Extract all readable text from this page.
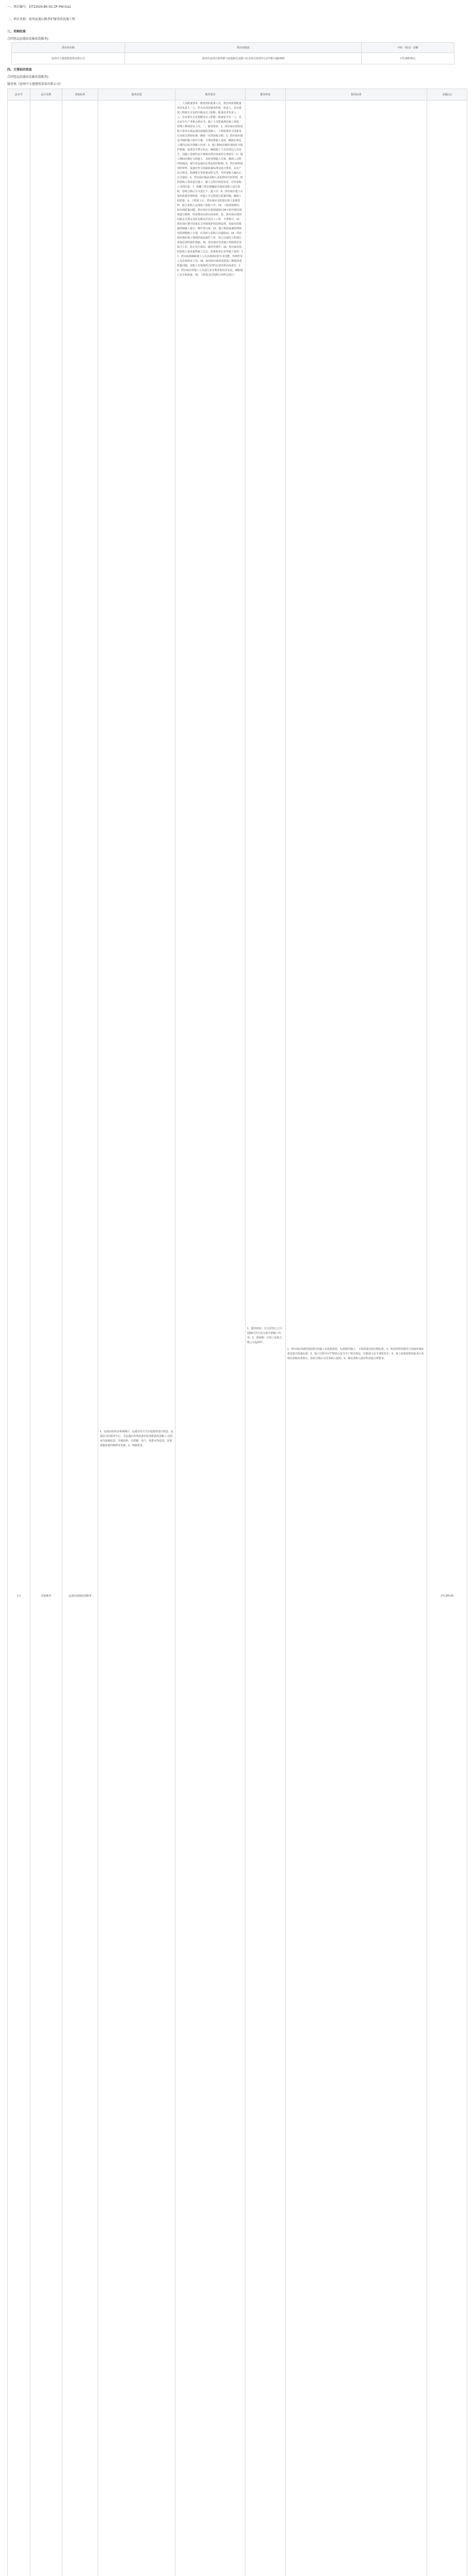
一、项目编号：招TZ2024-BK-SC-ZF-PM-0111
二、项目名称：沧州运通公路养护服务段设施工程
三、采购结果
合同包1(运通站设施改造服务)：
供应商名称	供应商地址	中标（成交）金额
沧州中大建建筑装饰有限公司	沧州市运河区新华路与前进路交叉路口东北角百花园中心2号楼大厦8-803	171,000.00元
四、主要标的信息
合同包1(运通站设施改造服务)：
服务类（沧州中大建建筑装饰有限公司）
品目号	品目名称	采购标的	服务范围	服务要求	服务时间	服务标准	金额(元)
1-1	其他服务	运通站设施改造服务	1、运通站给排水系统统计，运通站对大生活设施等进行改造，运通站为民服务中心，含运通站各类设备安装及配套改造施工,包括室内设施改造、外墙涂料，含供暖、电气、给排水等改造，各类设施设备的维修及更换；2、纳税要求。	一、人员配备要求：服务团队配备人员，供应商需要配备项目负责人一人，作为本项目服务的第一负责人，具有建筑工程相关专业的中级及以上职称；配备技术负责人一人，具有相关专业初级及以上职称；配备安全员一人，具有安全生产考核合格证书；施工人员数量满足施工需要，特殊工种需持证上岗。二、服务要求：1、供应商应按照采购人要求完成运通站设施改造施工，工程质量符合国家及行业相关规范标准，确保一次性验收合格；2、供应商应制定详细的施工组织方案，合理安排施工进度，确保在规定工期内完成全部施工内容；3、施工期间应做好现场安全防护措施，设置安全警示标志，确保施工人员及周边人员安全，因施工造成的安全事故由供应商承担全部责任；4、施工期间应做好文明施工，及时清理施工垃圾，做到工完料净场地清，减少对运通站正常运营的影响；5、供应商所使用的材料、设备应符合国家质量标准及设计要求，具有产品合格证、检测报告等质量证明文件，并经采购人确认后方可使用；6、供应商应服从采购人及监理单位的管理，按照采购人要求进行施工，施工过程中如需变更，应经采购人书面同意；7、隐蔽工程在隐蔽前应通知采购人进行验收，验收合格后方可进行下一道工序；8、供应商应建立完善的质量管理体系，对施工全过程进行质量控制，确保工程质量；9、工程竣工后，供应商应及时提交竣工验收资料，配合采购人完成竣工验收工作；10、工程质保期内，如出现质量问题，供应商应在接到通知后24小时内到达现场进行维修，所需费用由供应商承担；11、供应商应按照国家有关规定及时足额支付农民工工资，不得拖欠；12、供应商应遵守国家有关环境保护的法律法规，采取有效措施控制施工扬尘、噪声等污染；13、施工期间如遇特殊情况需调整施工计划，应及时与采购人沟通协商；14、供应商应做好施工现场的成品保护工作，对已完成的工程部位采取必要的保护措施；15、供应商应负责施工现场的治安保卫工作，防止发生盗窃、破坏等事件；16、供应商应按照采购人要求提供施工日志、质量检查记录等施工资料；17、供应商须确保施工人员具备相应的专业技能，特种作业人员必须持证上岗；18、如因供应商原因造成工期延误或质量问题，采购人有权按照合同约定追究供应商责任；19、供应商应对施工人员进行安全教育和技术交底，确保施工安全和质量；20、工程款支付按照合同约定执行。	1、服务时间：自合同签订之日起90日历天内完成全部施工内容；2、质保期：自竣工验收合格之日起两年。	1、供应商应按照国家现行的施工及验收规范、标准组织施工，工程质量达到合格标准；2、所用材料均须符合国家环保标准及相关质量标准；3、施工过程中应严格执行安全生产相关规定，杜绝重大安全事故发生；4、竣工验收按照国家及行业现行验收标准执行，验收合格后交付采购人使用；5、满足采购人提出的其他合理要求。	171,000.00
